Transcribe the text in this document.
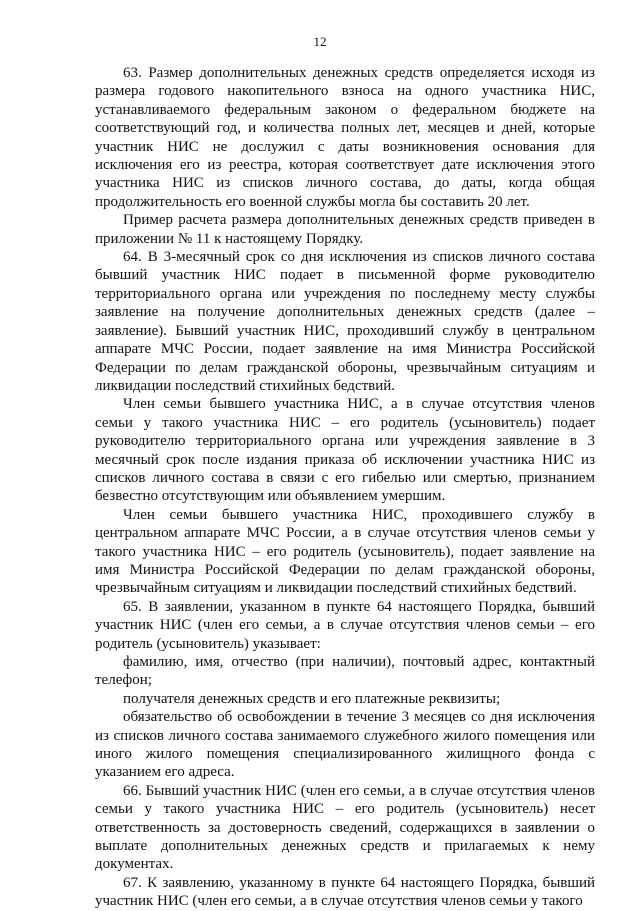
12

63. Размер дополнительных денежных средств определяется исходя из размера годового накопительного взноса на одного участника НИС, устанавливаемого федеральным законом о федеральном бюджете на соответствующий год, и количества полных лет, месяцев и дней, которые участник НИС не дослужил с даты возникновения основания для исключения его из реестра, которая соответствует дате исключения этого участника НИС из списков личного состава, до даты, когда общая продолжительность его военной службы могла бы составить 20 лет.

Пример расчета размера дополнительных денежных средств приведен в приложении № 11 к настоящему Порядку.

64. В 3-месячный срок со дня исключения из списков личного состава бывший участник НИС подает в письменной форме руководителю территориального органа или учреждения по последнему месту службы заявление на получение дополнительных денежных средств (далее – заявление). Бывший участник НИС, проходивший службу в центральном аппарате МЧС России, подает заявление на имя Министра Российской Федерации по делам гражданской обороны, чрезвычайным ситуациям и ликвидации последствий стихийных бедствий.

Член семьи бывшего участника НИС, а в случае отсутствия членов семьи у такого участника НИС – его родитель (усыновитель) подает руководителю территориального органа или учреждения заявление в 3 месячный срок после издания приказа об исключении участника НИС из списков личного состава в связи с его гибелью или смертью, признанием безвестно отсутствующим или объявлением умершим.

Член семьи бывшего участника НИС, проходившего службу в центральном аппарате МЧС России, а в случае отсутствия членов семьи у такого участника НИС – его родитель (усыновитель), подает заявление на имя Министра Российской Федерации по делам гражданской обороны, чрезвычайным ситуациям и ликвидации последствий стихийных бедствий.

65. В заявлении, указанном в пункте 64 настоящего Порядка, бывший участник НИС (член его семьи, а в случае отсутствия членов семьи – его родитель (усыновитель) указывает:

фамилию, имя, отчество (при наличии), почтовый адрес, контактный телефон;

получателя денежных средств и его платежные реквизиты;

обязательство об освобождении в течение 3 месяцев со дня исключения из списков личного состава занимаемого служебного жилого помещения или иного жилого помещения специализированного жилищного фонда с указанием его адреса.

66. Бывший участник НИС (член его семьи, а в случае отсутствия членов семьи у такого участника НИС – его родитель (усыновитель) несет ответственность за достоверность сведений, содержащихся в заявлении о выплате дополнительных денежных средств и прилагаемых к нему документах.

67. К заявлению, указанному в пункте 64 настоящего Порядка, бывший участник НИС (член его семьи, а в случае отсутствия членов семьи у такого
